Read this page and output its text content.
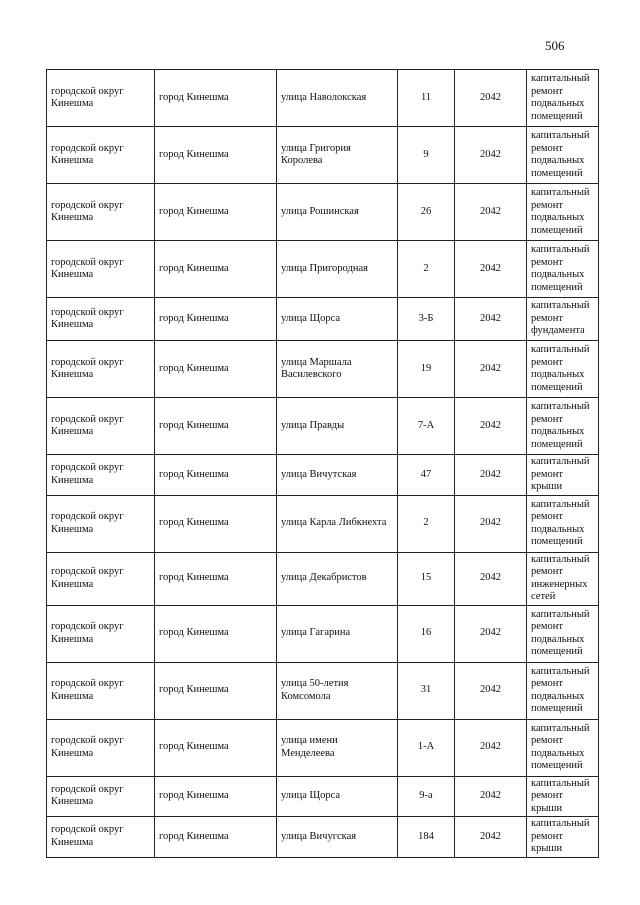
506
городской округ Кинешма	город Кинешма	улица Наволокская	11	2042	капитальный ремонт подвальных помещений
городской округ Кинешма	город Кинешма	улица Григория Королева	9	2042	капитальный ремонт подвальных помещений
городской округ Кинешма	город Кинешма	улица Рошинская	26	2042	капитальный ремонт подвальных помещений
городской округ Кинешма	город Кинешма	улица Пригородная	2	2042	капитальный ремонт подвальных помещений
городской округ Кинешма	город Кинешма	улица Щорса	3-Б	2042	капитальный ремонт фундамента
городской округ Кинешма	город Кинешма	улица Маршала Василевского	19	2042	капитальный ремонт подвальных помещений
городской округ Кинешма	город Кинешма	улица Правды	7-А	2042	капитальный ремонт подвальных помещений
городской округ Кинешма	город Кинешма	улица Вичутская	47	2042	капитальный ремонт крыши
городской округ Кинешма	город Кинешма	улица Карла Либкнехта	2	2042	капитальный ремонт подвальных помещений
городской округ Кинешма	город Кинешма	улица Декабристов	15	2042	капитальный ремонт инженерных сетей
городской округ Кинешма	город Кинешма	улица Гагарина	16	2042	капитальный ремонт подвальных помещений
городской округ Кинешма	город Кинешма	улица 50-летия Комсомола	31	2042	капитальный ремонт подвальных помещений
городской округ Кинешма	город Кинешма	улица имени Менделеева	1-А	2042	капитальный ремонт подвальных помещений
городской округ Кинешма	город Кинешма	улица Щорса	9-а	2042	капитальный ремонт крыши
городской округ Кинешма	город Кинешма	улица Вичугская	184	2042	капитальный ремонт крыши
